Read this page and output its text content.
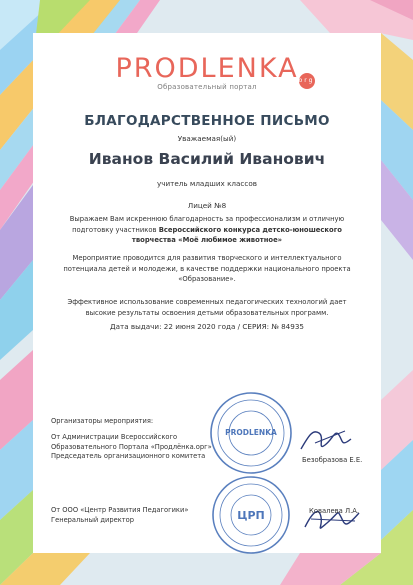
PRODLENKA org
Образовательный портал
БЛАГОДАРСТВЕННОЕ ПИСЬМО
Уважаемая(ый)
Иванов Василий Иванович
учитель младших классов
Лицей №8
Выражаем Вам искреннюю благодарность за профессионализм и отличную подготовку участников Всероссийского конкурса детско-юношеского творчества «Моё любимое животное»
Мероприятие проводится для развития творческого и интеллектуального потенциала детей и молодежи, в качестве поддержки национального проекта «Образование».
Эффективное использование современных педагогических технологий дает высокие результаты освоения детьми образовательных программ.
Дата выдачи: 22 июня 2020 года / СЕРИЯ: № 84935
Организаторы мероприятия:
От Администрации Всероссийского
Образовательного Портала «Продлёнка.орг»
Председатель организационного комитета
От ООО «Центр Развития Педагогики»
Генеральный директор
PRODLENKA
ЦРП
Безобразова Е.Е.
Ковалева Л.А.
